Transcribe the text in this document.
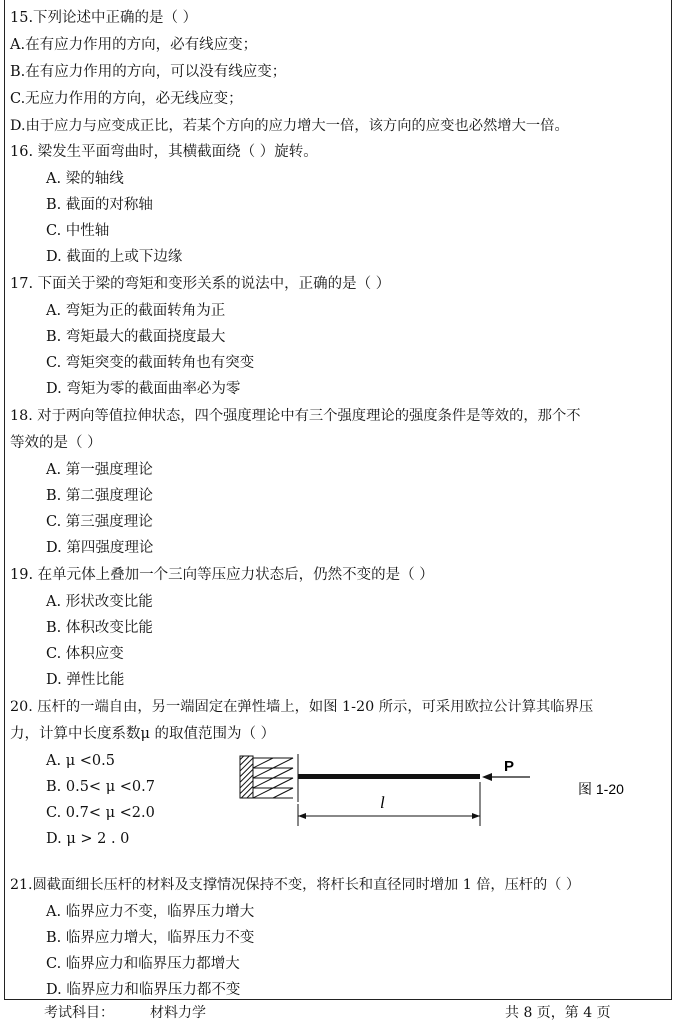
15.下列论述中正确的是（ ）
A.在有应力作用的方向，必有线应变；
B.在有应力作用的方向，可以没有线应变；
C.无应力作用的方向，必无线应变；
D.由于应力与应变成正比，若某个方向的应力增大一倍，该方向的应变也必然增大一倍。
16. 梁发生平面弯曲时，其横截面绕（ ）旋转。
A. 梁的轴线
B. 截面的对称轴
C. 中性轴
D. 截面的上或下边缘
17. 下面关于梁的弯矩和变形关系的说法中，正确的是（ ）
A. 弯矩为正的截面转角为正
B. 弯矩最大的截面挠度最大
C. 弯矩突变的截面转角也有突变
D. 弯矩为零的截面曲率必为零
18. 对于两向等值拉伸状态，四个强度理论中有三个强度理论的强度条件是等效的，那个不
等效的是（ ）
A. 第一强度理论
B. 第二强度理论
C. 第三强度理论
D. 第四强度理论
19. 在单元体上叠加一个三向等压应力状态后，仍然不变的是（ ）
A. 形状改变比能
B. 体积改变比能
C. 体积应变
D. 弹性比能
20. 压杆的一端自由，另一端固定在弹性墙上，如图 1-20 所示，可采用欧拉公计算其临界压
力，计算中长度系数μ 的取值范围为（ ）
A. μ <0.5
B. 0.5< μ <0.7
C. 0.7< μ <2.0
D. μ > 2 . 0
P
l
图 1-20
21.圆截面细长压杆的材料及支撑情况保持不变，将杆长和直径同时增加 1 倍，压杆的（ ）
A. 临界应力不变，临界压力增大
B. 临界应力增大，临界压力不变
C. 临界应力和临界压力都增大
D. 临界应力和临界压力都不变
考试科目：	材料力学	共 8 页，第 4 页
